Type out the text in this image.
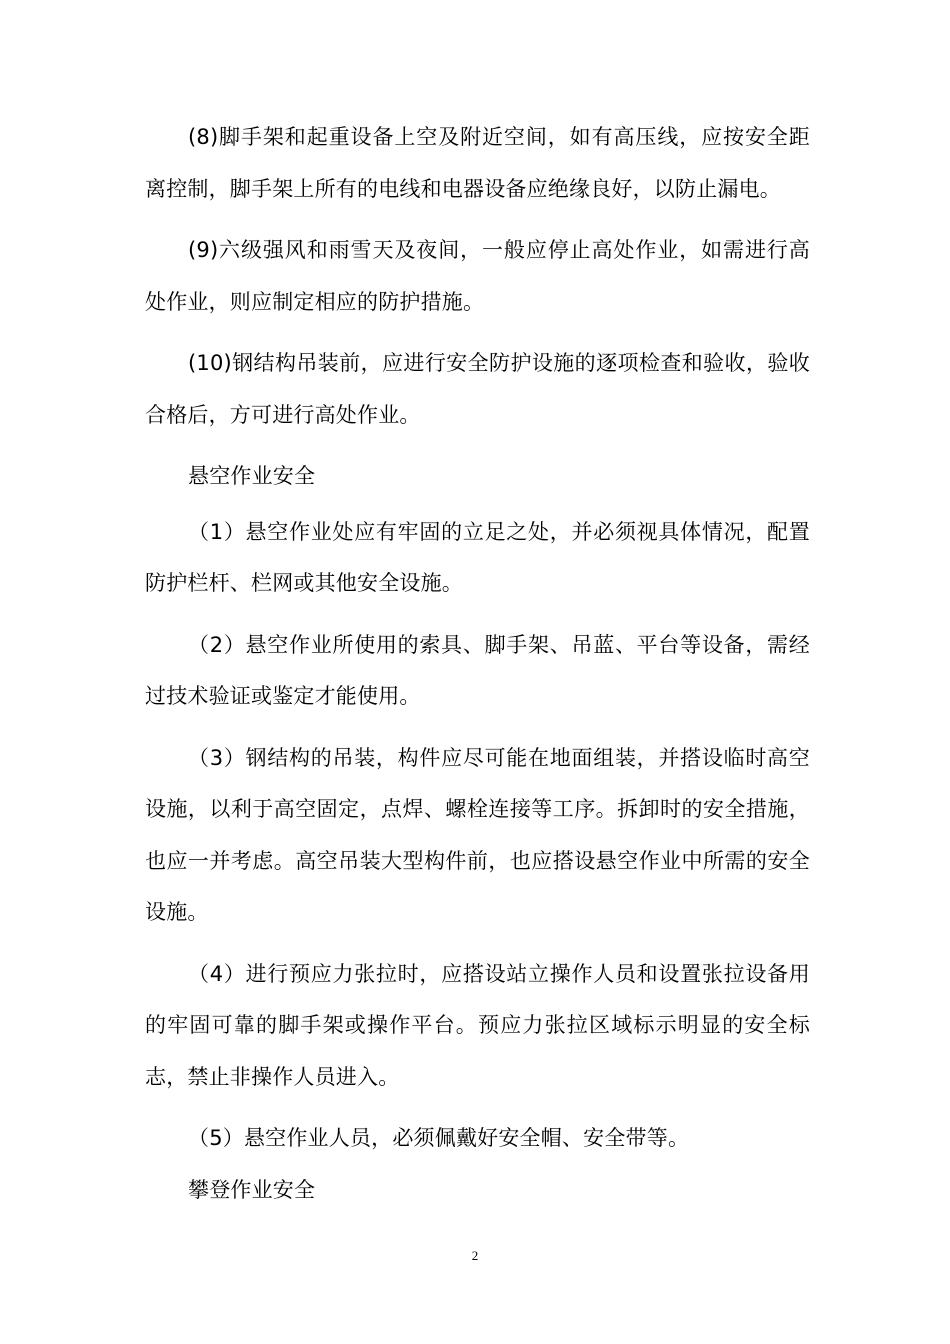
(8)脚手架和起重设备上空及附近空间，如有高压线，应按安全距离控制，脚手架上所有的电线和电器设备应绝缘良好，以防止漏电。

(9)六级强风和雨雪天及夜间，一般应停止高处作业，如需进行高处作业，则应制定相应的防护措施。

(10)钢结构吊装前，应进行安全防护设施的逐项检查和验收，验收合格后，方可进行高处作业。

悬空作业安全

（1）悬空作业处应有牢固的立足之处，并必须视具体情况，配置防护栏杆、栏网或其他安全设施。

（2）悬空作业所使用的索具、脚手架、吊蓝、平台等设备，需经过技术验证或鉴定才能使用。

（3）钢结构的吊装，构件应尽可能在地面组装，并搭设临时高空设施，以利于高空固定，点焊、螺栓连接等工序。拆卸时的安全措施，也应一并考虑。高空吊装大型构件前，也应搭设悬空作业中所需的安全设施。

（4）进行预应力张拉时，应搭设站立操作人员和设置张拉设备用的牢固可靠的脚手架或操作平台。预应力张拉区域标示明显的安全标志，禁止非操作人员进入。

（5）悬空作业人员，必须佩戴好安全帽、安全带等。

攀登作业安全

2
